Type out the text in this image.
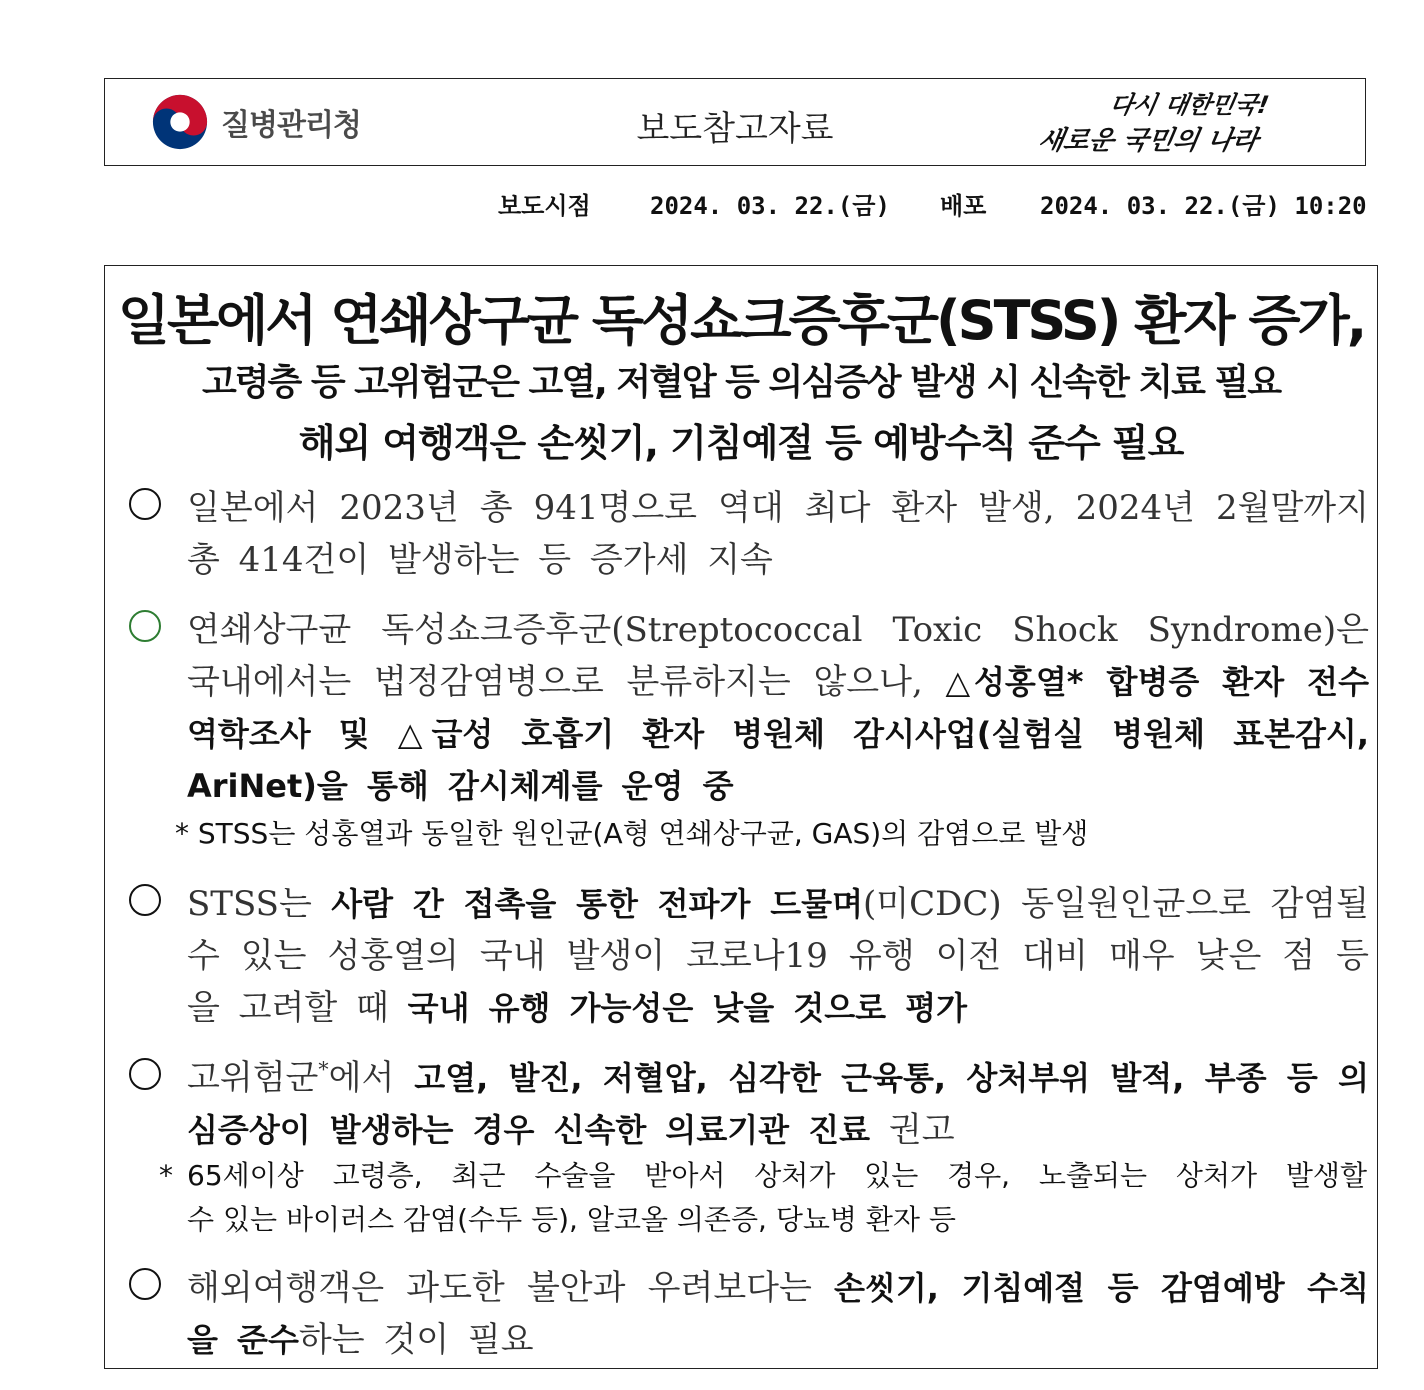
질병관리청	보도참고자료
다시 대한민국!
새로운 국민의 나라
보도시점 2024. 03. 22.(금) 배포 2024. 03. 22.(금) 10:20
일본에서 연쇄상구균 독성쇼크증후군(STSS) 환자 증가,
고령층 등 고위험군은 고열, 저혈압 등 의심증상 발생 시 신속한 치료 필요
해외 여행객은 손씻기, 기침예절 등 예방수칙 준수 필요
일본에서 2023년 총 941명으로 역대 최다 환자 발생, 2024년 2월말까지 총 414건이 발생하는 등 증가세 지속
연쇄상구균 독성쇼크증후군(Streptococcal Toxic Shock Syndrome)은 국내에서는 법정감염병으로 분류하지는 않으나, △성홍열* 합병증 환자 전수 역학조사 및 △급성 호흡기 환자 병원체 감시사업(실험실 병원체 표본감시, AriNet)을 통해 감시체계를 운영 중
* STSS는 성홍열과 동일한 원인균(A형 연쇄상구균, GAS)의 감염으로 발생
STSS는 사람 간 접촉을 통한 전파가 드물며(미CDC) 동일원인균으로 감염될 수 있는 성홍열의 국내 발생이 코로나19 유행 이전 대비 매우 낮은 점 등을 고려할 때 국내 유행 가능성은 낮을 것으로 평가
고위험군*에서 고열, 발진, 저혈압, 심각한 근육통, 상처부위 발적, 부종 등 의심증상이 발생하는 경우 신속한 의료기관 진료 권고
* 65세이상 고령층, 최근 수술을 받아서 상처가 있는 경우, 노출되는 상처가 발생할
수 있는 바이러스 감염(수두 등), 알코올 의존증, 당뇨병 환자 등
해외여행객은 과도한 불안과 우려보다는 손씻기, 기침예절 등 감염예방 수칙을 준수하는 것이 필요
